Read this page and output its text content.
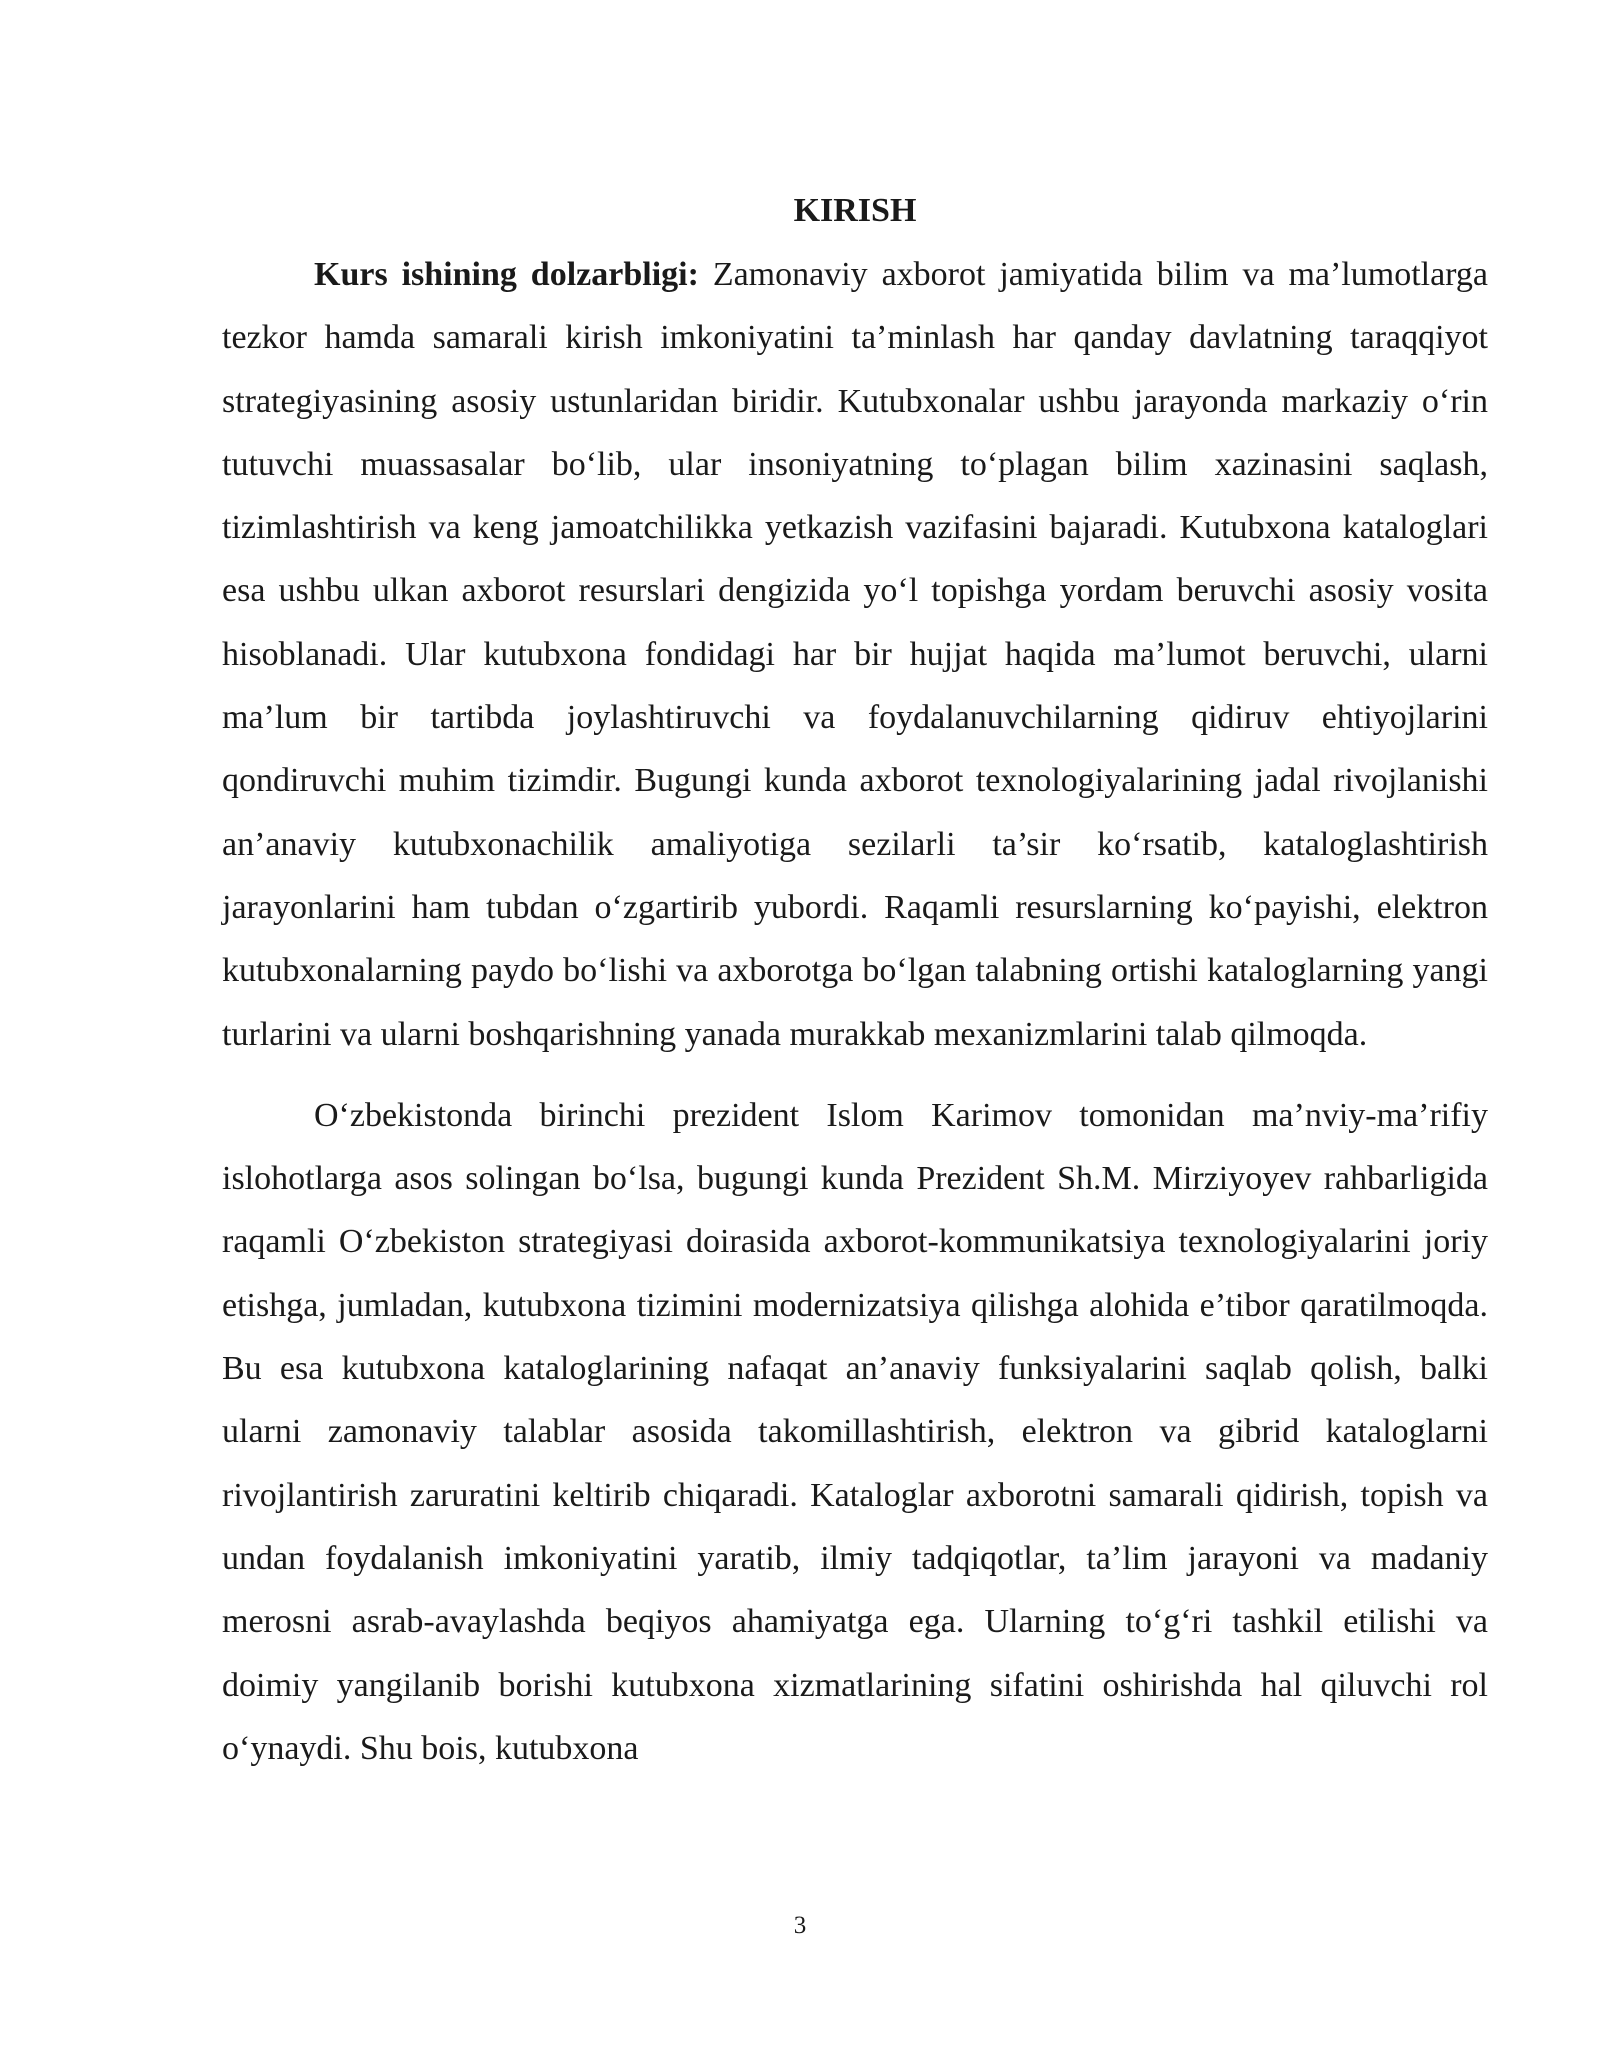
KIRISH

Kurs ishining dolzarbligi: Zamonaviy axborot jamiyatida bilim va ma’lumotlarga tezkor hamda samarali kirish imkoniyatini ta’minlash har qanday davlatning taraqqiyot strategiyasining asosiy ustunlaridan biridir. Kutubxonalar ushbu jarayonda markaziy o‘rin tutuvchi muassasalar bo‘lib, ular insoniyatning to‘plagan bilim xazinasini saqlash, tizimlashtirish va keng jamoatchilikka yetkazish vazifasini bajaradi. Kutubxona kataloglari esa ushbu ulkan axborot resurslari dengizida yo‘l topishga yordam beruvchi asosiy vosita hisoblanadi. Ular kutubxona fondidagi har bir hujjat haqida ma’lumot beruvchi, ularni ma’lum bir tartibda joylashtiruvchi va foydalanuvchilarning qidiruv ehtiyojlarini qondiruvchi muhim tizimdir. Bugungi kunda axborot texnologiyalarining jadal rivojlanishi an’anaviy kutubxonachilik amaliyotiga sezilarli ta’sir ko‘rsatib, kataloglashtirish jarayonlarini ham tubdan o‘zgartirib yubordi. Raqamli resurslarning ko‘payishi, elektron kutubxonalarning paydo bo‘lishi va axborotga bo‘lgan talabning ortishi kataloglarning yangi turlarini va ularni boshqarishning yanada murakkab mexanizmlarini talab qilmoqda.

O‘zbekistonda birinchi prezident Islom Karimov tomonidan ma’nviy-ma’rifiy islohotlarga asos solingan bo‘lsa, bugungi kunda Prezident Sh.M. Mirziyoyev rahbarligida raqamli O‘zbekiston strategiyasi doirasida axborot-kommunikatsiya texnologiyalarini joriy etishga, jumladan, kutubxona tizimini modernizatsiya qilishga alohida e’tibor qaratilmoqda. Bu esa kutubxona kataloglarining nafaqat an’anaviy funksiyalarini saqlab qolish, balki ularni zamonaviy talablar asosida takomillashtirish, elektron va gibrid kataloglarni rivojlantirish zaruratini keltirib chiqaradi. Kataloglar axborotni samarali qidirish, topish va undan foydalanish imkoniyatini yaratib, ilmiy tadqiqotlar, ta’lim jarayoni va madaniy merosni asrab-avaylashda beqiyos ahamiyatga ega. Ularning to‘g‘ri tashkil etilishi va doimiy yangilanib borishi kutubxona xizmatlarining sifatini oshirishda hal qiluvchi rol o‘ynaydi. Shu bois, kutubxona

3
